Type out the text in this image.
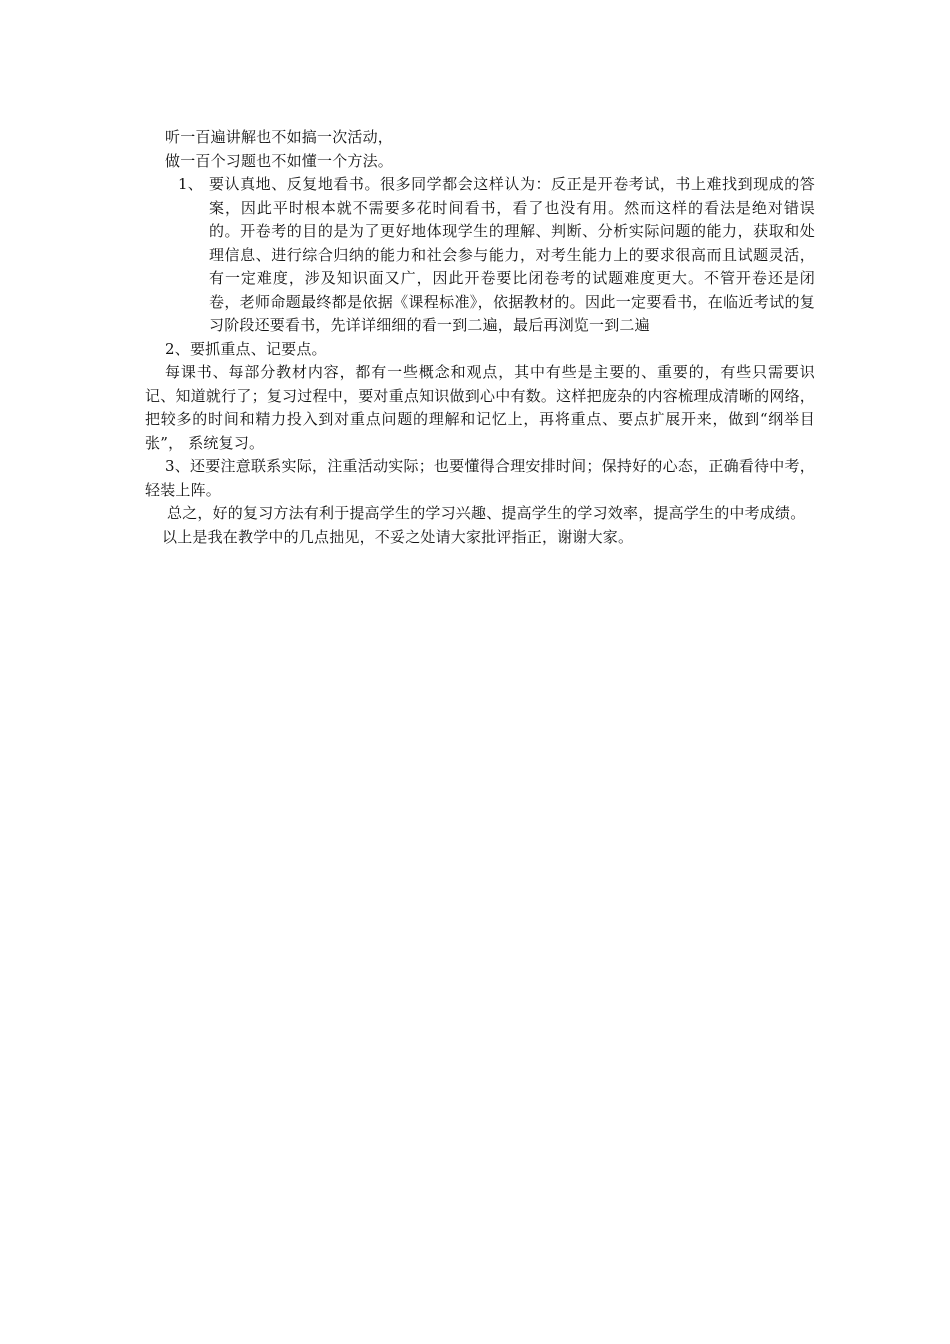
听一百遍讲解也不如搞一次活动，

做一百个习题也不如懂一个方法。

1、 要认真地、反复地看书。很多同学都会这样认为：反正是开卷考试，书上难找到现成的答案，因此平时根本就不需要多花时间看书，看了也没有用。然而这样的看法是绝对错误的。开卷考的目的是为了更好地体现学生的理解、判断、分析实际问题的能力，获取和处理信息、进行综合归纳的能力和社会参与能力，对考生能力上的要求很高而且试题灵活，有一定难度，涉及知识面又广，因此开卷要比闭卷考的试题难度更大。不管开卷还是闭卷，老师命题最终都是依据《课程标准》，依据教材的。因此一定要看书，在临近考试的复习阶段还要看书，先详详细细的看一到二遍，最后再浏览一到二遍

2、要抓重点、记要点。

每课书、每部分教材内容，都有一些概念和观点，其中有些是主要的、重要的，有些只需要识记、知道就行了；复习过程中，要对重点知识做到心中有数。这样把庞杂的内容梳理成清晰的网络，把较多的时间和精力投入到对重点问题的理解和记忆上，再将重点、要点扩展开来，做到“纲举目张”， 系统复习。

3、还要注意联系实际，注重活动实际；也要懂得合理安排时间；保持好的心态，正确看待中考， 轻装上阵。

总之，好的复习方法有利于提高学生的学习兴趣、提高学生的学习效率，提高学生的中考成绩。

以上是我在教学中的几点拙见，不妥之处请大家批评指正，谢谢大家。
